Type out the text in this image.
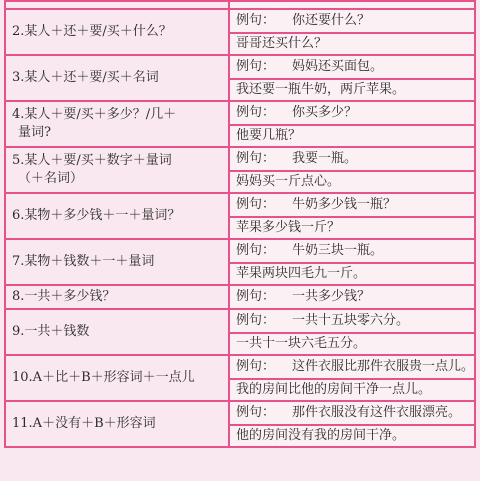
2.某人＋还＋要/买＋什么？	例句： 你还要什么？
	哥哥还买什么？

3.某人＋还＋要/买＋名词	例句： 妈妈还买面包。
	我还要一瓶牛奶，两斤苹果。

4.某人＋要/买＋多少？/几＋
量词?	例句： 你买多少？
	他要几瓶？

5.某人＋要/买＋数字＋量词
（＋名词）	例句： 我要一瓶。
	妈妈买一斤点心。

6.某物＋多少钱＋一＋量词？	例句： 牛奶多少钱一瓶？
	苹果多少钱一斤？

7.某物＋钱数＋一＋量词	例句： 牛奶三块一瓶。
	苹果两块四毛九一斤。

8.一共＋多少钱？	例句： 一共多少钱？

9.一共＋钱数	例句： 一共十五块零六分。
	一共十一块六毛五分。

10.A＋比＋B＋形容词＋一点儿	例句： 这件衣服比那件衣服贵一点儿。
	我的房间比他的房间干净一点儿。

11.A＋没有＋B＋形容词	例句： 那件衣服没有这件衣服漂亮。
	他的房间没有我的房间干净。
